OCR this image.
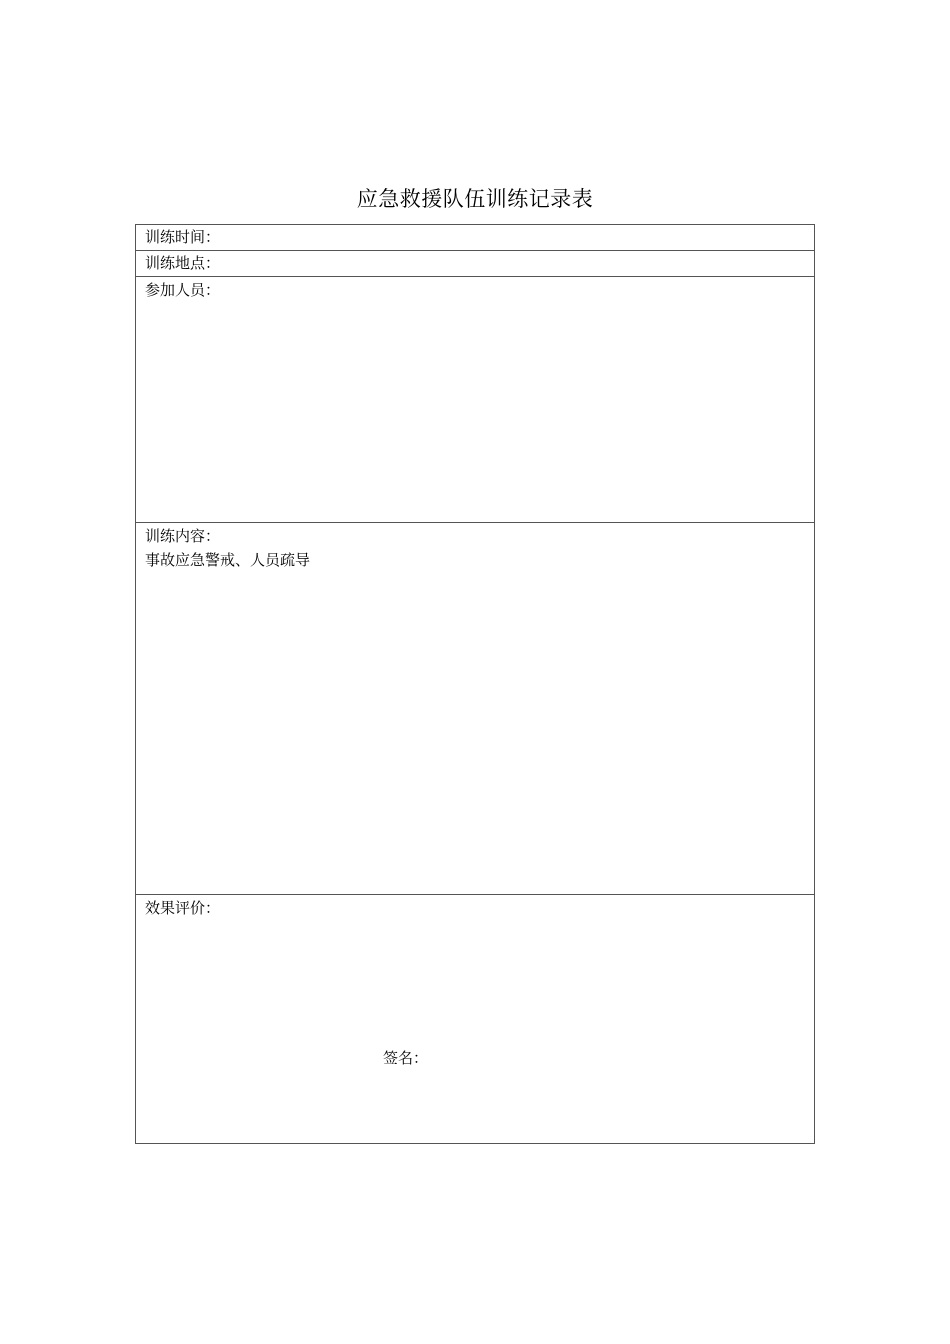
应急救援队伍训练记录表
训练时间：
训练地点：
参加人员：
训练内容：
事故应急警戒、人员疏导
效果评价：
签名：
